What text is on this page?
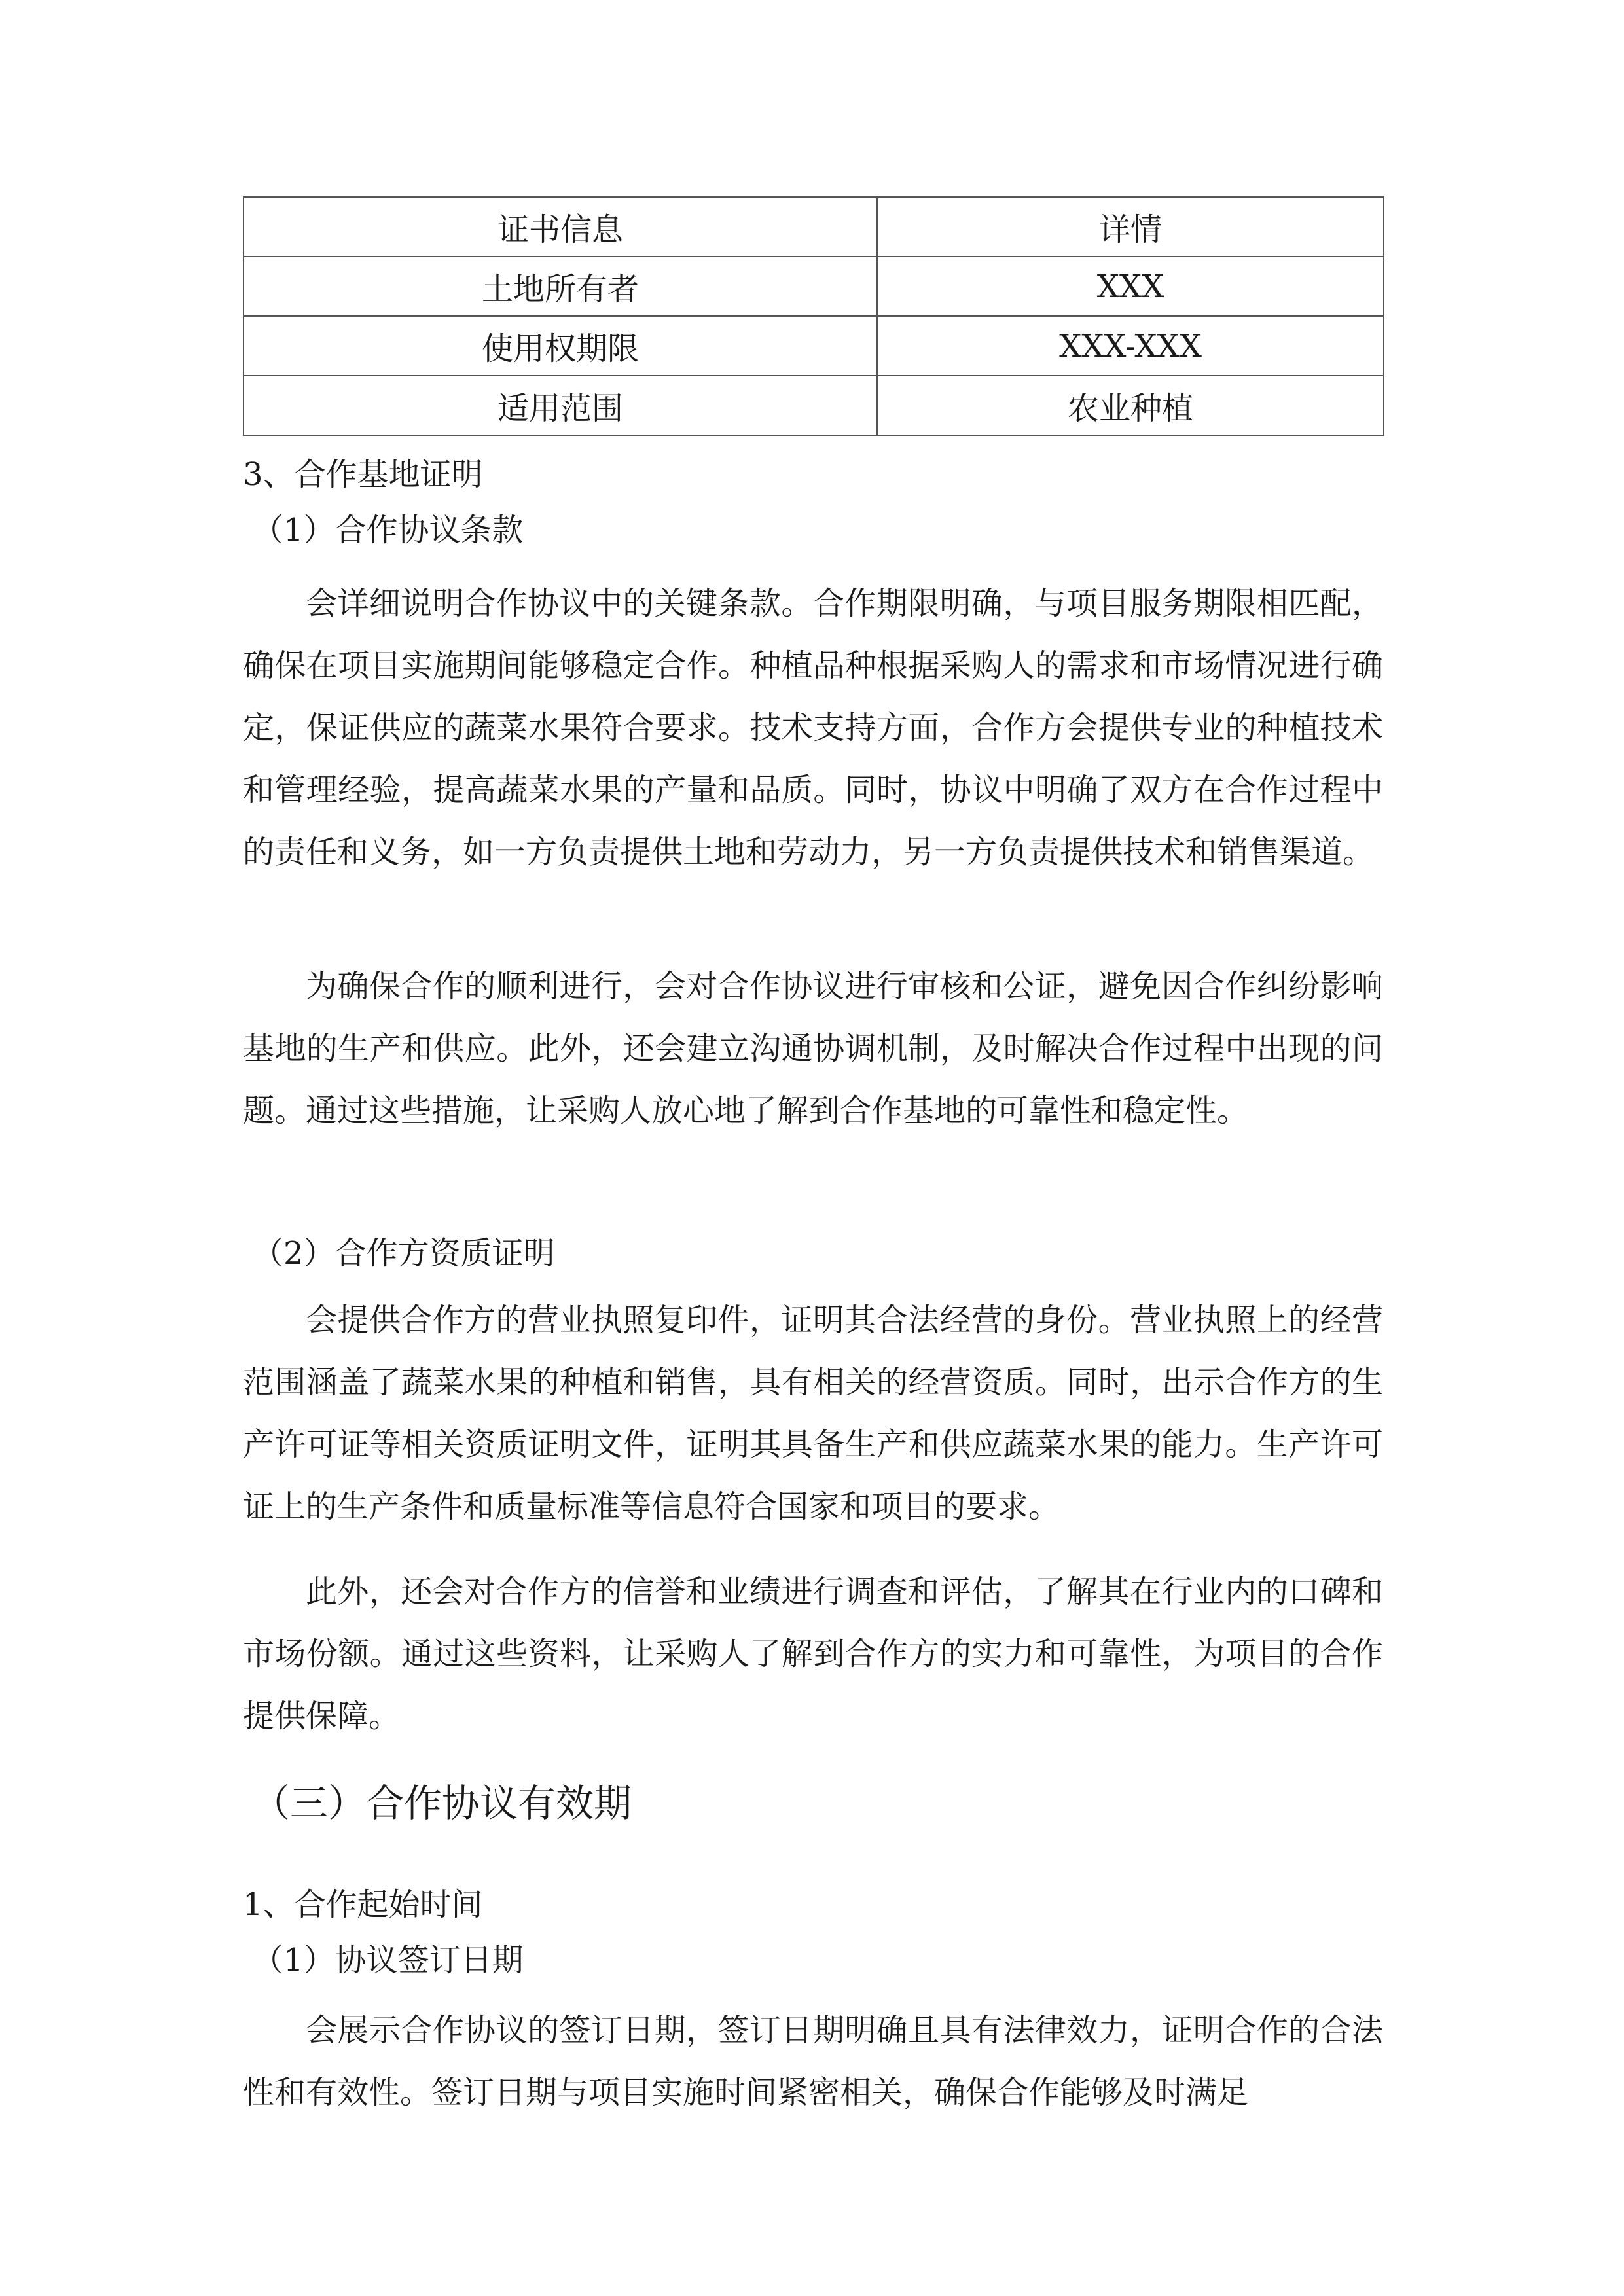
证书信息	详情
土地所有者	XXX
使用权期限	XXX-XXX
适用范围	农业种植
3、合作基地证明
（1）合作协议条款

会详细说明合作协议中的关键条款。合作期限明确，与项目服务期限相匹配，确保在项目实施期间能够稳定合作。种植品种根据采购人的需求和市场情况进行确定，保证供应的蔬菜水果符合要求。技术支持方面，合作方会提供专业的种植技术和管理经验，提高蔬菜水果的产量和品质。同时，协议中明确了双方在合作过程中的责任和义务，如一方负责提供土地和劳动力，另一方负责提供技术和销售渠道。

为确保合作的顺利进行，会对合作协议进行审核和公证，避免因合作纠纷影响基地的生产和供应。此外，还会建立沟通协调机制，及时解决合作过程中出现的问题。通过这些措施，让采购人放心地了解到合作基地的可靠性和稳定性。

（2）合作方资质证明

会提供合作方的营业执照复印件，证明其合法经营的身份。营业执照上的经营范围涵盖了蔬菜水果的种植和销售，具有相关的经营资质。同时，出示合作方的生产许可证等相关资质证明文件，证明其具备生产和供应蔬菜水果的能力。生产许可证上的生产条件和质量标准等信息符合国家和项目的要求。

此外，还会对合作方的信誉和业绩进行调查和评估，了解其在行业内的口碑和市场份额。通过这些资料，让采购人了解到合作方的实力和可靠性，为项目的合作提供保障。

（三）合作协议有效期
1、合作起始时间
（1）协议签订日期

会展示合作协议的签订日期，签订日期明确且具有法律效力，证明合作的合法性和有效性。签订日期与项目实施时间紧密相关，确保合作能够及时满足
